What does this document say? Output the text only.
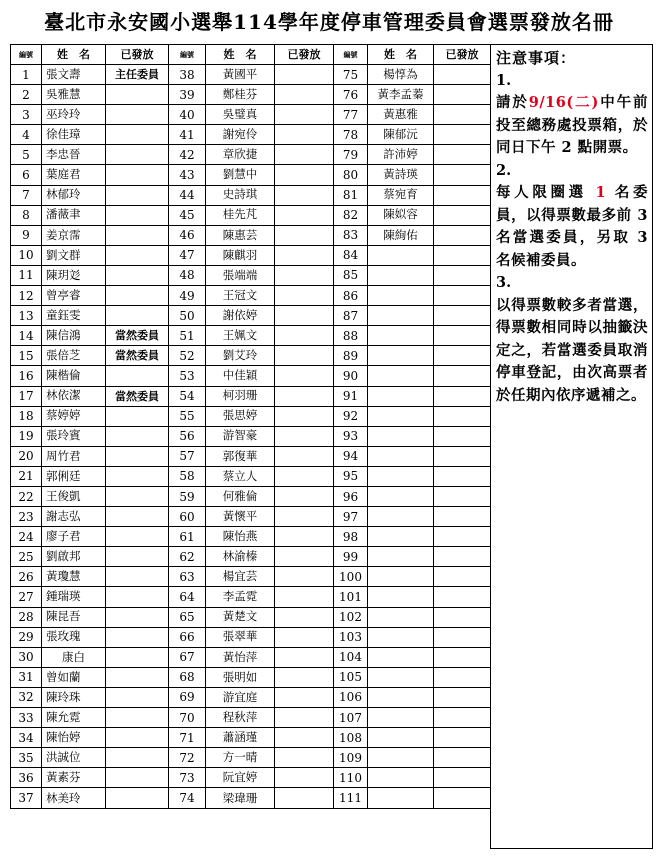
臺北市永安國小選舉114學年度停車管理委員會選票發放名冊
編號	姓　名	已發放	編號	姓　名	已發放	編號	姓　名	已發放
1	張文壽	主任委員	38	黃國平		75	楊惇為	
2	吳雅慧		39	鄭桂芬		76	黃李孟蓁	
3	巫玲玲		40	吳璧真		77	黃惠雅	
4	徐佳璋		41	謝宛伶		78	陳郁沅	
5	李忠晉		42	章欣捷		79	許沛婷	
6	葉庭君		43	劉慧中		80	黃詩瑛	
7	林郁玲		44	史詩琪		81	蔡宛育	
8	潘薇聿		45	桂先芃		82	陳姒容	
9	姜京霈		46	陳惠芸		83	陳絢佑	
10	劉文群		47	陳麒羽		84		
11	陳玥彣		48	張端端		85		
12	曾亭睿		49	王冠文		86		
13	童鈺雯		50	謝依婷		87		
14	陳信鴻	當然委員	51	王姵文		88		
15	張倍芝	當然委員	52	劉艾玲		89		
16	陳楷倫		53	中佳穎		90		
17	林依潔	當然委員	54	柯羽珊		91		
18	蔡婷婷		55	張思婷		92		
19	張玲賓		56	游智豪		93		
20	周竹君		57	郭復華		94		
21	郭俐廷		58	蔡立人		95		
22	王俊凱		59	何雅倫		96		
23	謝志弘		60	黃懷平		97		
24	廖子君		61	陳怡燕		98		
25	劉啟邦		62	林渝榛		99		
26	黃瓊慧		63	楊宜芸		100		
27	鍾瑞瑛		64	李孟霓		101		
28	陳昆吾		65	黃楚文		102		
29	張玫瑰		66	張翠華		103		
30	康白		67	黃怡萍		104		
31	曾如蘭		68	張明如		105		
32	陳玲珠		69	游宜庭		106		
33	陳允霓		70	程秋萍		107		
34	陳怡婷		71	蕭涵瑾		108		
35	洪誠位		72	方一晴		109		
36	黃素芬		73	阮宜婷		110		
37	林美玲		74	梁瑋珊		111		
注意事項：
1.
請於9/16(二)中午前投至總務處投票箱，於同日下午 2 點開票。
2.
每人限圈選 1 名委員，以得票數最多前 3 名當選委員，另取 3 名候補委員。
3.
以得票數較多者當選，得票數相同時以抽籤決定之，若當選委員取消停車登記，由次高票者於任期內依序遞補之。
